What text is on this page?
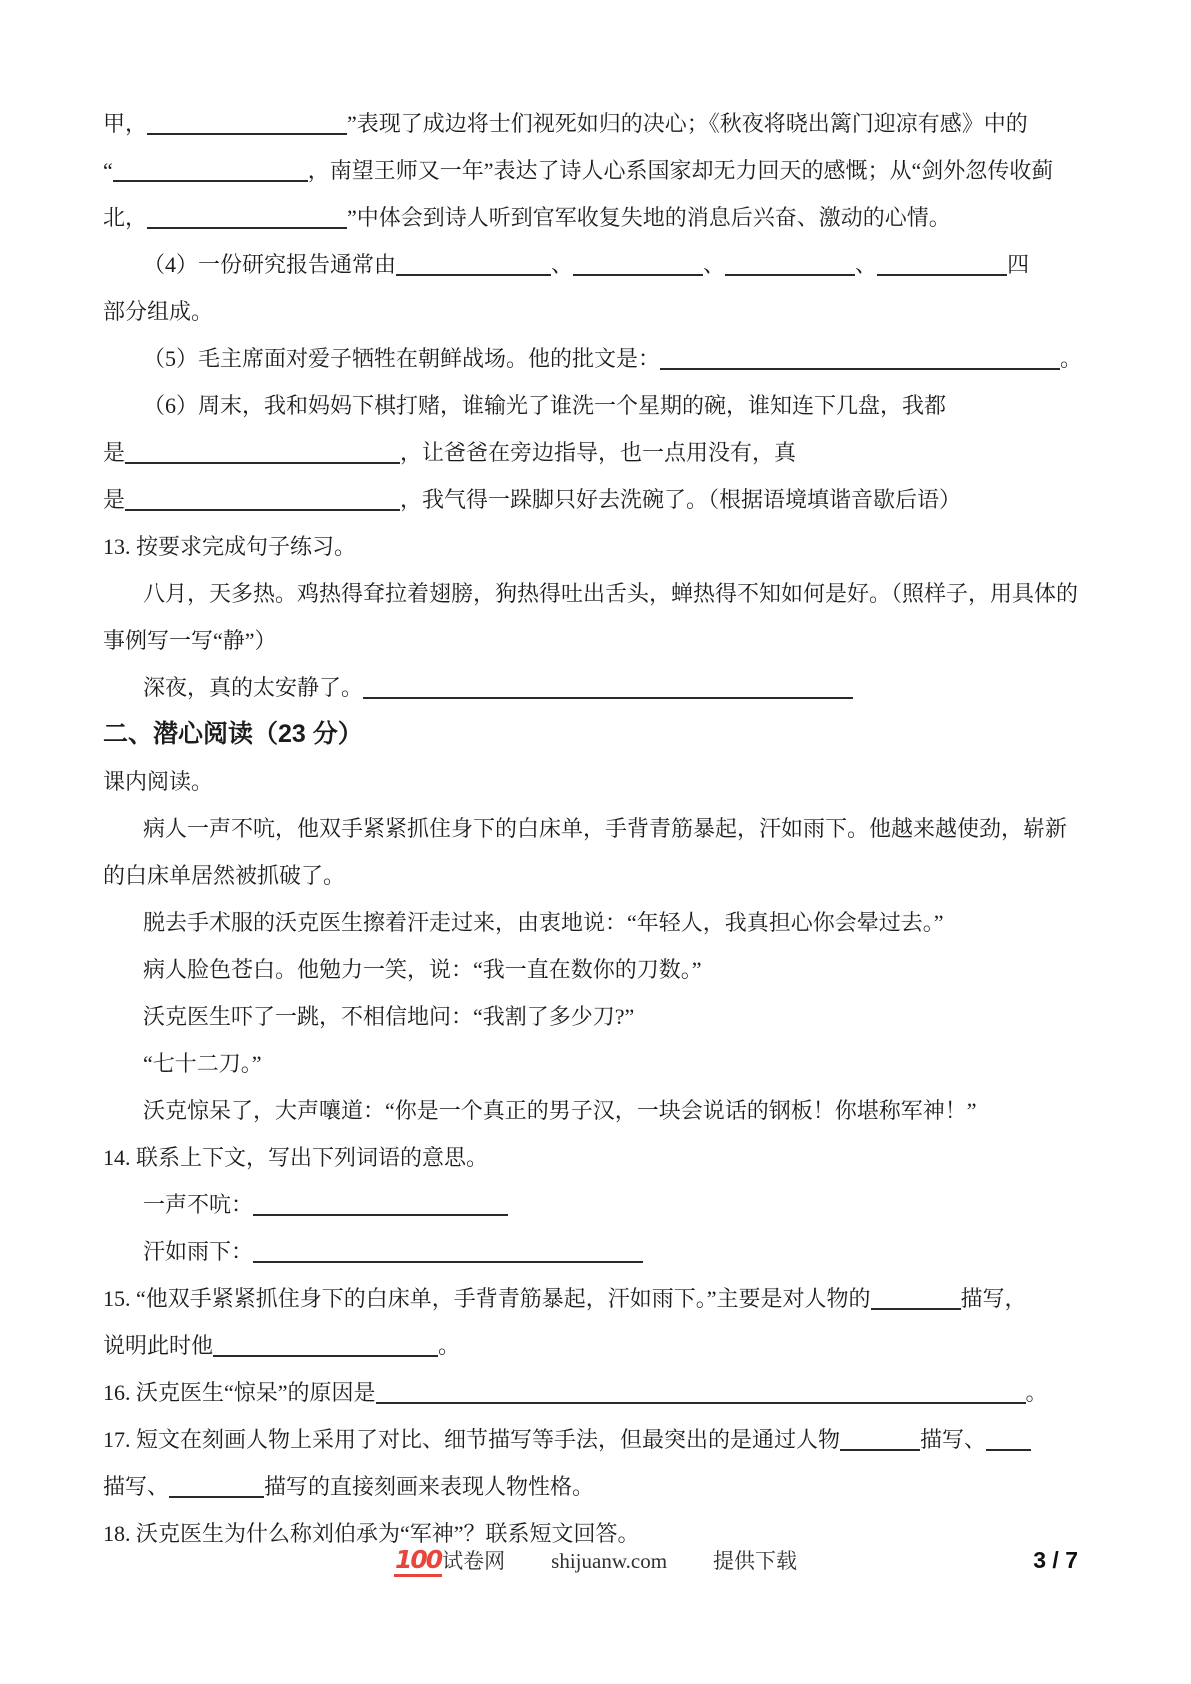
甲，	”表现了成边将士们视死如归的决心；《秋夜将晓出篱门迎凉有感》中的
“	，南望王师又一年”表达了诗人心系国家却无力回天的感慨；从“剑外忽传收蓟
北，	”中体会到诗人听到官军收复失地的消息后兴奋、激动的心情。
（4）一份研究报告通常由	、	、	、	四
部分组成。
（5）毛主席面对爱子牺牲在朝鲜战场。他的批文是：	。
（6）周末，我和妈妈下棋打赌，谁输光了谁洗一个星期的碗，谁知连下几盘，我都
是	，让爸爸在旁边指导，也一点用没有，真
是	，我气得一跺脚只好去洗碗了。（根据语境填谐音歇后语）
13. 按要求完成句子练习。
八月，天多热。鸡热得耷拉着翅膀，狗热得吐出舌头，蝉热得不知如何是好。（照样子，用具体的
事例写一写“静”）
深夜，真的太安静了。
二、潜心阅读（23 分）
课内阅读。
病人一声不吭，他双手紧紧抓住身下的白床单，手背青筋暴起，汗如雨下。他越来越使劲，崭新
的白床单居然被抓破了。
脱去手术服的沃克医生擦着汗走过来，由衷地说：“年轻人，我真担心你会晕过去。”
病人脸色苍白。他勉力一笑，说：“我一直在数你的刀数。”
沃克医生吓了一跳，不相信地问：“我割了多少刀?”
“七十二刀。”
沃克惊呆了，大声嚷道：“你是一个真正的男子汉，一块会说话的钢板！你堪称军神！”
14. 联系上下文，写出下列词语的意思。
一声不吭：
汗如雨下：
15. “他双手紧紧抓住身下的白床单，手背青筋暴起，汗如雨下。”主要是对人物的	描写，
说明此时他	。
16. 沃克医生“惊呆”的原因是	。
17. 短文在刻画人物上采用了对比、细节描写等手法，但最突出的是通过人物	描写、
描写、	描写的直接刻画来表现人物性格。
18. 沃克医生为什么称刘伯承为“军神”？联系短文回答。
100试卷网 shijuanw.com 提供下载	3 / 7
